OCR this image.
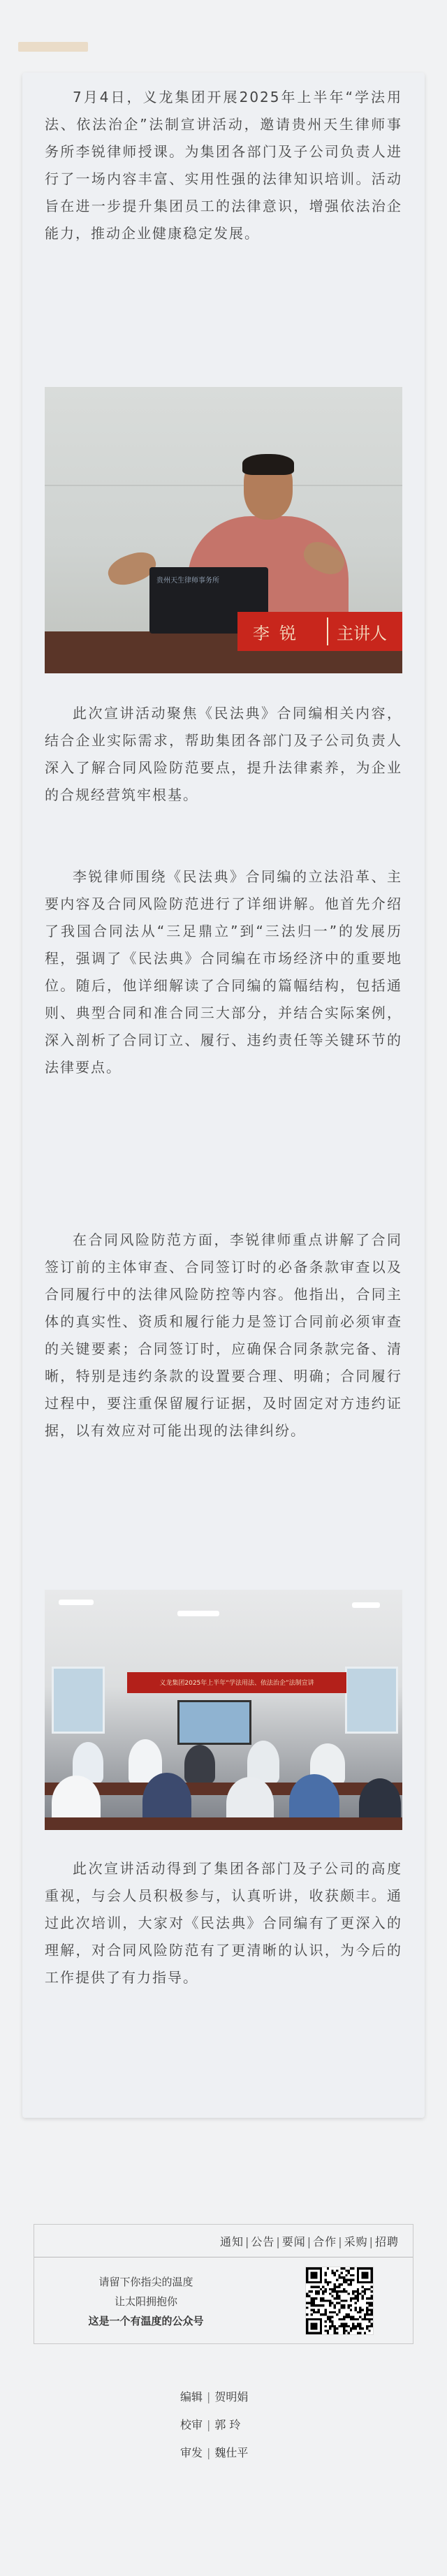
7月4日，义龙集团开展2025年上半年“学法用法、依法治企”法制宣讲活动，邀请贵州天生律师事务所李锐律师授课。为集团各部门及子公司负责人进行了一场内容丰富、实用性强的法律知识培训。活动旨在进一步提升集团员工的法律意识，增强依法治企能力，推动企业健康稳定发展。

贵州天生律师事务所
李锐 主讲人

此次宣讲活动聚焦《民法典》合同编相关内容，结合企业实际需求，帮助集团各部门及子公司负责人深入了解合同风险防范要点，提升法律素养，为企业的合规经营筑牢根基。

李锐律师围绕《民法典》合同编的立法沿革、主要内容及合同风险防范进行了详细讲解。他首先介绍了我国合同法从“三足鼎立”到“三法归一”的发展历程，强调了《民法典》合同编在市场经济中的重要地位。随后，他详细解读了合同编的篇幅结构，包括通则、典型合同和准合同三大部分，并结合实际案例，深入剖析了合同订立、履行、违约责任等关键环节的法律要点。

在合同风险防范方面，李锐律师重点讲解了合同签订前的主体审查、合同签订时的必备条款审查以及合同履行中的法律风险防控等内容。他指出，合同主体的真实性、资质和履行能力是签订合同前必须审查的关键要素；合同签订时，应确保合同条款完备、清晰，特别是违约条款的设置要合理、明确；合同履行过程中，要注重保留履行证据，及时固定对方违约证据，以有效应对可能出现的法律纠纷。

义龙集团2025年上半年“学法用法、依法治企”法制宣讲

此次宣讲活动得到了集团各部门及子公司的高度重视，与会人员积极参与，认真听讲，收获颇丰。通过此次培训，大家对《民法典》合同编有了更深入的理解，对合同风险防范有了更清晰的认识，为今后的工作提供了有力指导。

通知 | 公告 | 要闻 | 合作 | 采购 | 招聘
请留下你指尖的温度
让太阳拥抱你
这是一个有温度的公众号
编辑 | 贺明娟
校审 | 郭 玲
审发 | 魏仕平
